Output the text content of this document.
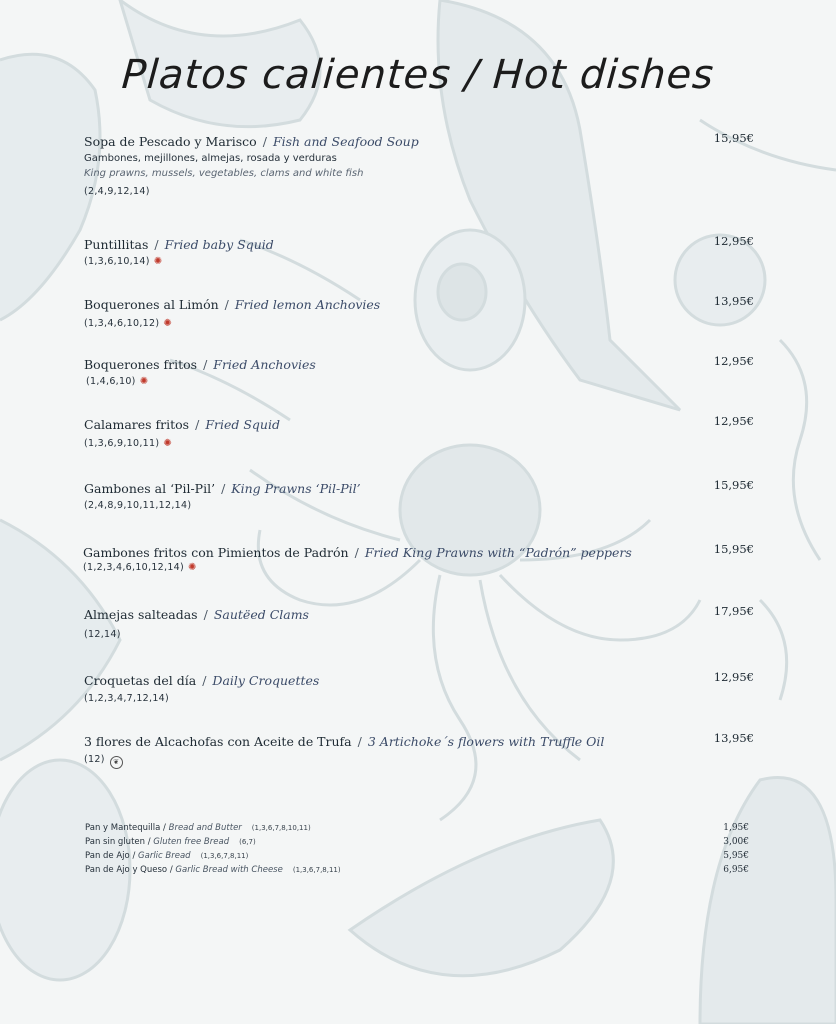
Platos calientes / Hot dishes
Sopa de Pescado y Marisco / Fish and Seafood Soup	15,95€
Gambones, mejillones, almejas, rosada y verduras
King prawns, mussels, vegetables, clams and white fish
(2,4,9,12,14)
Puntillitas / Fried baby Squid	12,95€
(1,3,6,10,14) ✺
Boquerones al Limón / Fried lemon Anchovies	13,95€
(1,3,4,6,10,12) ✺
Boquerones fritos / Fried Anchovies	12,95€
(1,4,6,10) ✺
Calamares fritos / Fried Squid	12,95€
(1,3,6,9,10,11) ✺
Gambones al ‘Pil-Pil’ / King Prawns ‘Pil-Pil’	15,95€
(2,4,8,9,10,11,12,14)
Gambones fritos con Pimientos de Padrón / Fried King Prawns with “Padrón” peppers	15,95€
(1,2,3,4,6,10,12,14) ✺
Almejas salteadas / Sautëed Clams	17,95€
(12,14)
Croquetas del día / Daily Croquettes	12,95€
(1,2,3,4,7,12,14)
3 flores de Alcachofas con Aceite de Trufa / 3 Artichoke´s flowers with Truffle Oil	13,95€
(12) ❦
Pan y Mantequilla / Bread and Butter (1,3,6,7,8,10,11)	1,95€
Pan sin gluten / Gluten free Bread (6,7)	3,00€
Pan de Ajo / Garlic Bread (1,3,6,7,8,11)	5,95€
Pan de Ajo y Queso / Garlic Bread with Cheese (1,3,6,7,8,11)	6,95€
